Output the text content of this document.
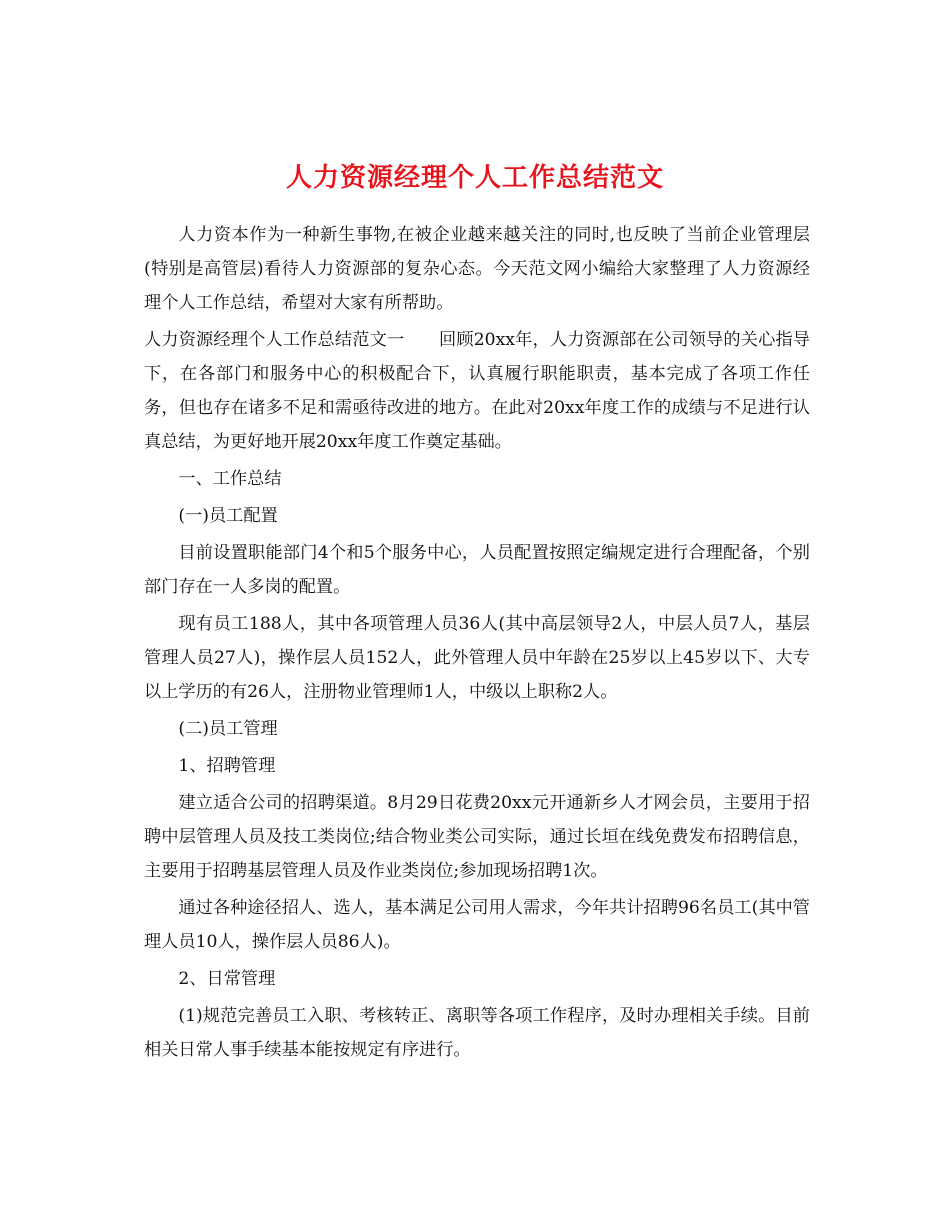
人力资源经理个人工作总结范文

人力资本作为一种新生事物,在被企业越来越关注的同时,也反映了当前企业管理层(特别是高管层)看待人力资源部的复杂心态。今天范文网小编给大家整理了人力资源经理个人工作总结，希望对大家有所帮助。

人力资源经理个人工作总结范文一　　回顾20xx年，人力资源部在公司领导的关心指导下，在各部门和服务中心的积极配合下，认真履行职能职责，基本完成了各项工作任务，但也存在诸多不足和需亟待改进的地方。在此对20xx年度工作的成绩与不足进行认真总结，为更好地开展20xx年度工作奠定基础。

一、工作总结

(一)员工配置

目前设置职能部门4个和5个服务中心，人员配置按照定编规定进行合理配备，个别部门存在一人多岗的配置。

现有员工188人，其中各项管理人员36人(其中高层领导2人，中层人员7人，基层管理人员27人)，操作层人员152人，此外管理人员中年龄在25岁以上45岁以下、大专以上学历的有26人，注册物业管理师1人，中级以上职称2人。

(二)员工管理

1、招聘管理

建立适合公司的招聘渠道。8月29日花费20xx元开通新乡人才网会员，主要用于招聘中层管理人员及技工类岗位;结合物业类公司实际，通过长垣在线免费发布招聘信息，主要用于招聘基层管理人员及作业类岗位;参加现场招聘1次。

通过各种途径招人、选人，基本满足公司用人需求，今年共计招聘96名员工(其中管理人员10人，操作层人员86人)。

2、日常管理

(1)规范完善员工入职、考核转正、离职等各项工作程序，及时办理相关手续。目前相关日常人事手续基本能按规定有序进行。
